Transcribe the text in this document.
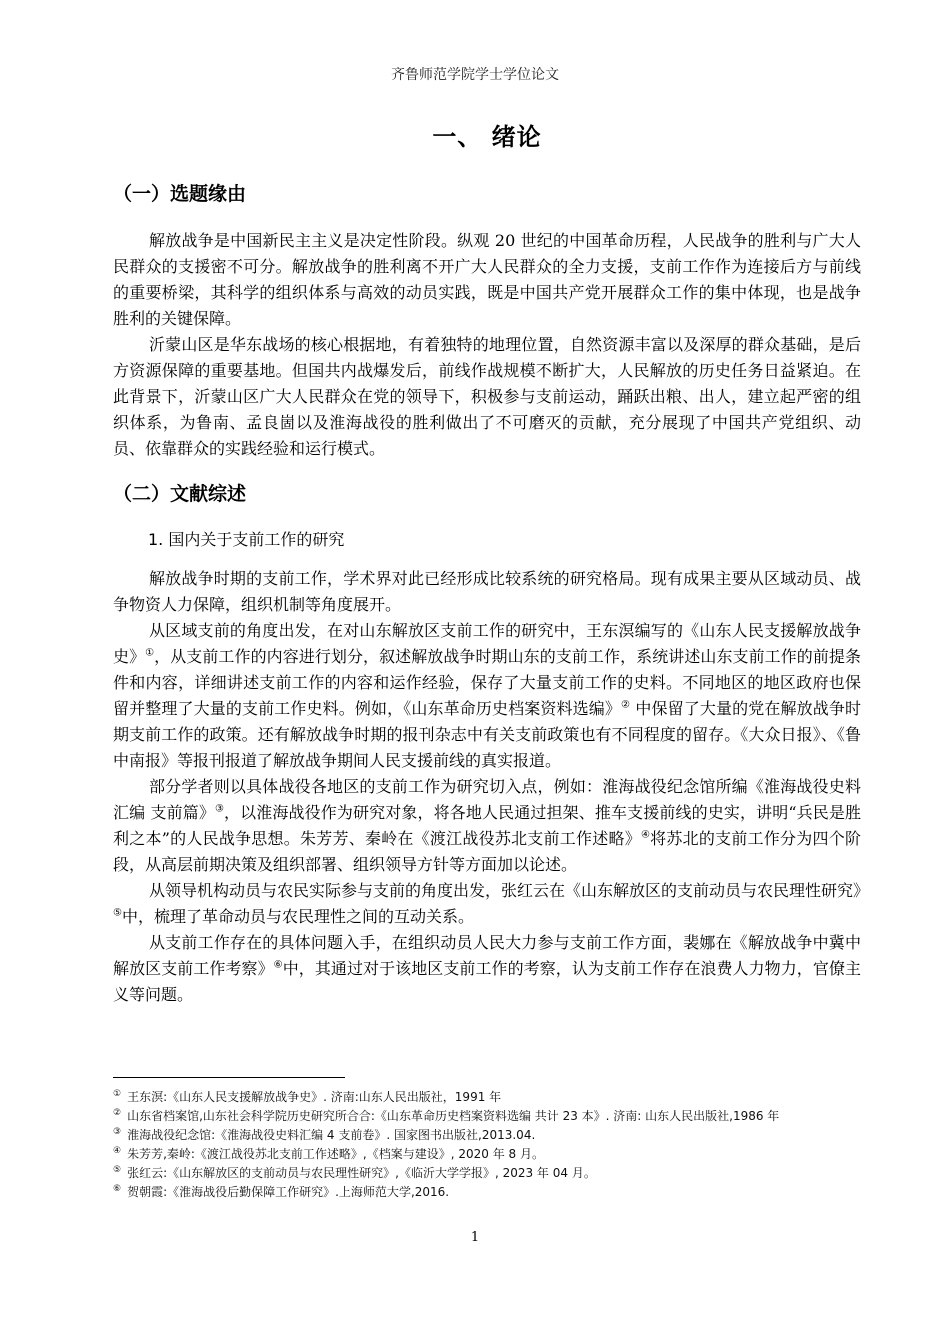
齐鲁师范学院学士学位论文
一、 绪论
（一）选题缘由

解放战争是中国新民主主义是决定性阶段。纵观 20 世纪的中国革命历程，人民战争的胜利与广大人民群众的支援密不可分。解放战争的胜利离不开广大人民群众的全力支援，支前工作作为连接后方与前线的重要桥梁，其科学的组织体系与高效的动员实践，既是中国共产党开展群众工作的集中体现，也是战争胜利的关键保障。

沂蒙山区是华东战场的核心根据地，有着独特的地理位置，自然资源丰富以及深厚的群众基础，是后方资源保障的重要基地。但国共内战爆发后，前线作战规模不断扩大，人民解放的历史任务日益紧迫。在此背景下，沂蒙山区广大人民群众在党的领导下，积极参与支前运动，踊跃出粮、出人，建立起严密的组织体系，为鲁南、孟良崮以及淮海战役的胜利做出了不可磨灭的贡献，充分展现了中国共产党组织、动员、依靠群众的实践经验和运行模式。

（二）文献综述
1. 国内关于支前工作的研究

解放战争时期的支前工作，学术界对此已经形成比较系统的研究格局。现有成果主要从区域动员、战争物资人力保障，组织机制等角度展开。

从区域支前的角度出发，在对山东解放区支前工作的研究中，王东溟编写的《山东人民支援解放战争史》①，从支前工作的内容进行划分，叙述解放战争时期山东的支前工作，系统讲述山东支前工作的前提条件和内容，详细讲述支前工作的内容和运作经验，保存了大量支前工作的史料。不同地区的地区政府也保留并整理了大量的支前工作史料。例如，《山东革命历史档案资料选编》② 中保留了大量的党在解放战争时期支前工作的政策。还有解放战争时期的报刊杂志中有关支前政策也有不同程度的留存。《大众日报》、《鲁中南报》等报刊报道了解放战争期间人民支援前线的真实报道。

部分学者则以具体战役各地区的支前工作为研究切入点，例如：淮海战役纪念馆所编《淮海战役史料汇编 支前篇》③，以淮海战役作为研究对象，将各地人民通过担架、推车支援前线的史实，讲明“兵民是胜利之本”的人民战争思想。朱芳芳、秦岭在《渡江战役苏北支前工作述略》④将苏北的支前工作分为四个阶段，从高层前期决策及组织部署、组织领导方针等方面加以论述。

从领导机构动员与农民实际参与支前的角度出发，张红云在《山东解放区的支前动员与农民理性研究》⑤中，梳理了革命动员与农民理性之间的互动关系。

从支前工作存在的具体问题入手，在组织动员人民大力参与支前工作方面，裴娜在《解放战争中冀中解放区支前工作考察》⑥中，其通过对于该地区支前工作的考察，认为支前工作存在浪费人力物力，官僚主义等问题。

① 王东溟:《山东人民支援解放战争史》. 济南:山东人民出版社，1991 年

② 山东省档案馆,山东社会科学院历史研究所合合:《山东革命历史档案资料选编 共计 23 本》. 济南: 山东人民出版社,1986 年

③ 淮海战役纪念馆:《淮海战役史料汇编 4 支前卷》. 国家图书出版社,2013.04.

④ 朱芳芳,秦岭:《渡江战役苏北支前工作述略》,《档案与建设》, 2020 年 8 月。

⑤ 张红云:《山东解放区的支前动员与农民理性研究》,《临沂大学学报》, 2023 年 04 月。

⑥ 贺朝霞:《淮海战役后勤保障工作研究》.上海师范大学,2016.

1
